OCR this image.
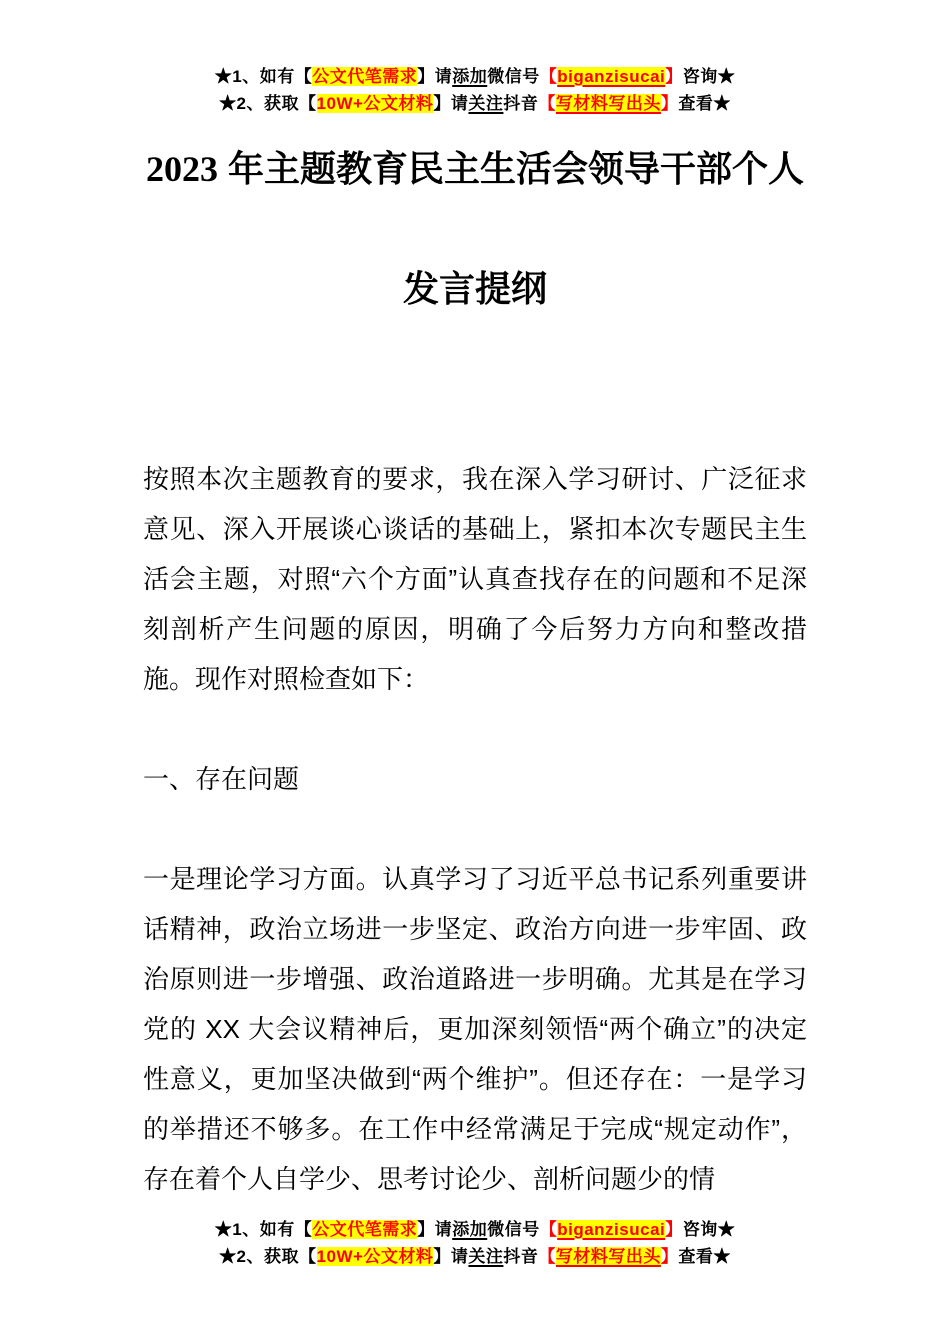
★1、如有【公文代笔需求】请添加微信号【biganzisucai】咨询★
★2、获取【10W+公文材料】请关注抖音【写材料写出头】查看★
2023 年主题教育民主生活会领导干部个人
发言提纲

按照本次主题教育的要求，我在深入学习研讨、广泛征求意见、深入开展谈心谈话的基础上，紧扣本次专题民主生活会主题，对照“六个方面”认真查找存在的问题和不足深刻剖析产生问题的原因，明确了今后努力方向和整改措施。现作对照检查如下：

一、存在问题

一是理论学习方面。认真学习了习近平总书记系列重要讲话精神，政治立场进一步坚定、政治方向进一步牢固、政治原则进一步增强、政治道路进一步明确。尤其是在学习党的 XX 大会议精神后，更加深刻领悟“两个确立”的决定性意义，更加坚决做到“两个维护”。但还存在：一是学习的举措还不够多。在工作中经常满足于完成“规定动作”，存在着个人自学少、思考讨论少、剖析问题少的情

★1、如有【公文代笔需求】请添加微信号【biganzisucai】咨询★
★2、获取【10W+公文材料】请关注抖音【写材料写出头】查看★
